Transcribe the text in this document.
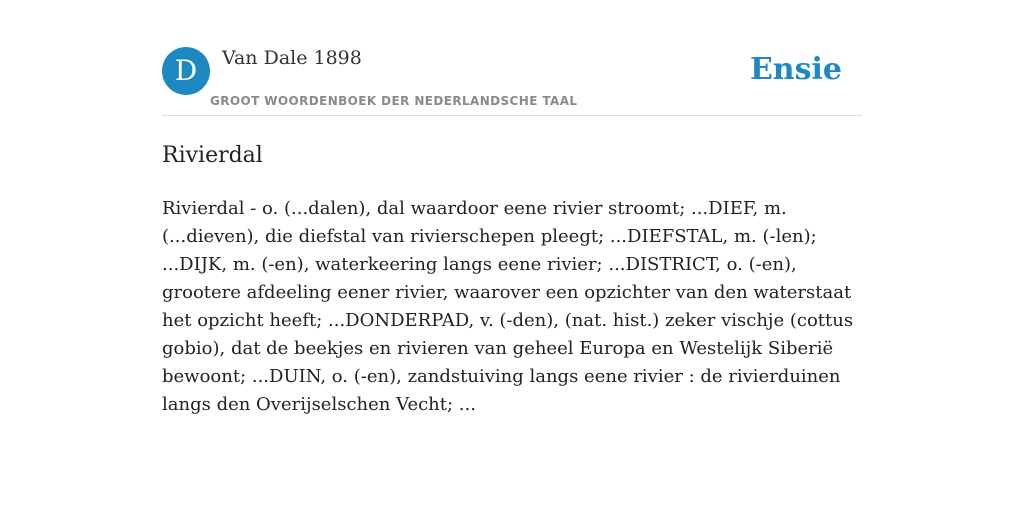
D	Van Dale 1898
GROOT WOORDENBOEK DER NEDERLANDSCHE TAAL
Ensie
Rivierdal
Rivierdal - o. (...dalen), dal waardoor eene rivier stroomt; ...DIEF, m. (...dieven), die diefstal van rivierschepen pleegt; ...DIEFSTAL, m. (-len); ...DIJK, m. (-en), waterkeering langs eene rivier; ...DISTRICT, o. (-en), grootere afdeeling eener rivier, waarover een opzichter van den waterstaat het opzicht heeft; ...DONDERPAD, v. (-den), (nat. hist.) zeker vischje (cottus gobio), dat de beekjes en rivieren van geheel Europa en Westelijk Siberië bewoont; ...DUIN, o. (-en), zandstuiving langs eene rivier : de rivierduinen langs den Overijselschen Vecht; ...
